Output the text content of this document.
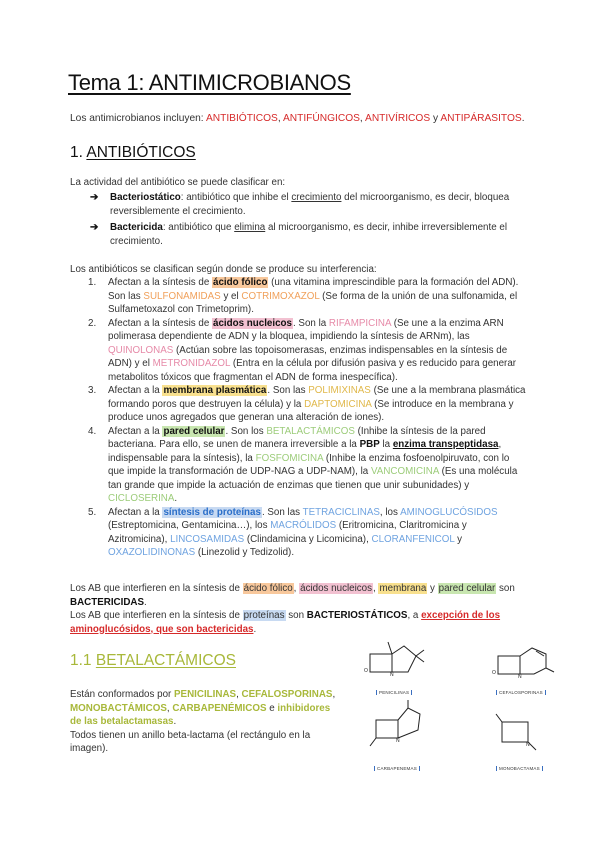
Tema 1: ANTIMICROBIANOS
Los antimicrobianos incluyen: ANTIBIÓTICOS, ANTIFÚNGICOS, ANTIVÍRICOS y ANTIPÁRASITOS.
1. ANTIBIÓTICOS
La actividad del antibiótico se puede clasificar en:
➔ Bacteriostático: antibiótico que inhibe el crecimiento del microorganismo, es decir, bloquea reversiblemente el crecimiento.
➔ Bactericida: antibiótico que elimina al microorganismo, es decir, inhibe irreversiblemente el crecimiento.
Los antibióticos se clasifican según donde se produce su interferencia:
1. Afectan a la síntesis de ácido fólico (una vitamina imprescindible para la formación del ADN). Son las SULFONAMIDAS y el COTRIMOXAZOL (Se forma de la unión de una sulfonamida, el Sulfametoxazol con Trimetoprim).
2. Afectan a la síntesis de ácidos nucleicos. Son la RIFAMPICINA (Se une a la enzima ARN polimerasa dependiente de ADN y la bloquea, impidiendo la síntesis de ARNm), las QUINOLONAS (Actúan sobre las topoisomerasas, enzimas indispensables en la síntesis de ADN) y el METRONIDAZOL (Entra en la célula por difusión pasiva y es reducido para generar metabolitos tóxicos que fragmentan el ADN de forma inespecífica).
3. Afectan a la membrana plasmática. Son las POLIMIXINAS (Se une a la membrana plasmática formando poros que destruyen la célula) y la DAPTOMICINA (Se introduce en la membrana y produce unos agregados que generan una alteración de iones).
4. Afectan a la pared celular. Son los BETALACTÁMICOS (Inhibe la síntesis de la pared bacteriana. Para ello, se unen de manera irreversible a la PBP la enzima transpeptidasa, indispensable para la síntesis), la FOSFOMICINA (Inhibe la enzima fosfoenolpiruvato, con lo que impide la transformación de UDP-NAG a UDP-NAM), la VANCOMICINA (Es una molécula tan grande que impide la actuación de enzimas que tienen que unir subunidades) y CICLOSERINA.
5. Afectan a la síntesis de proteínas. Son las TETRACICLINAS, los AMINOGLUCÓSIDOS (Estreptomicina, Gentamicina…), los MACRÓLIDOS (Eritromicina, Claritromicina y Azitromicina), LINCOSAMIDAS (Clindamicina y Licomicina), CLORANFENICOL y OXAZOLIDINONAS (Linezolid y Tedizolid).
Los AB que interfieren en la síntesis de ácido fólico, ácidos nucleicos, membrana y pared celular son BACTERICIDAS.
Los AB que interfieren en la síntesis de proteínas son BACTERIOSTÁTICOS, a excepción de los aminoglucósidos, que son bactericidas.
1.1 BETALACTÁMICOS
Están conformados por PENICILINAS, CEFALOSPORINAS, MONOBACTÁMICOS, CARBAPENÉMICOS e inhibidores de las betalactamasas.
Todos tienen un anillo beta-lactama (el rectángulo en la imagen).
N
O
N
O
N
N
PENICILINAS	CEFALOSPORINAS
CARBAPENEMAS	MONOBACTAMAS
